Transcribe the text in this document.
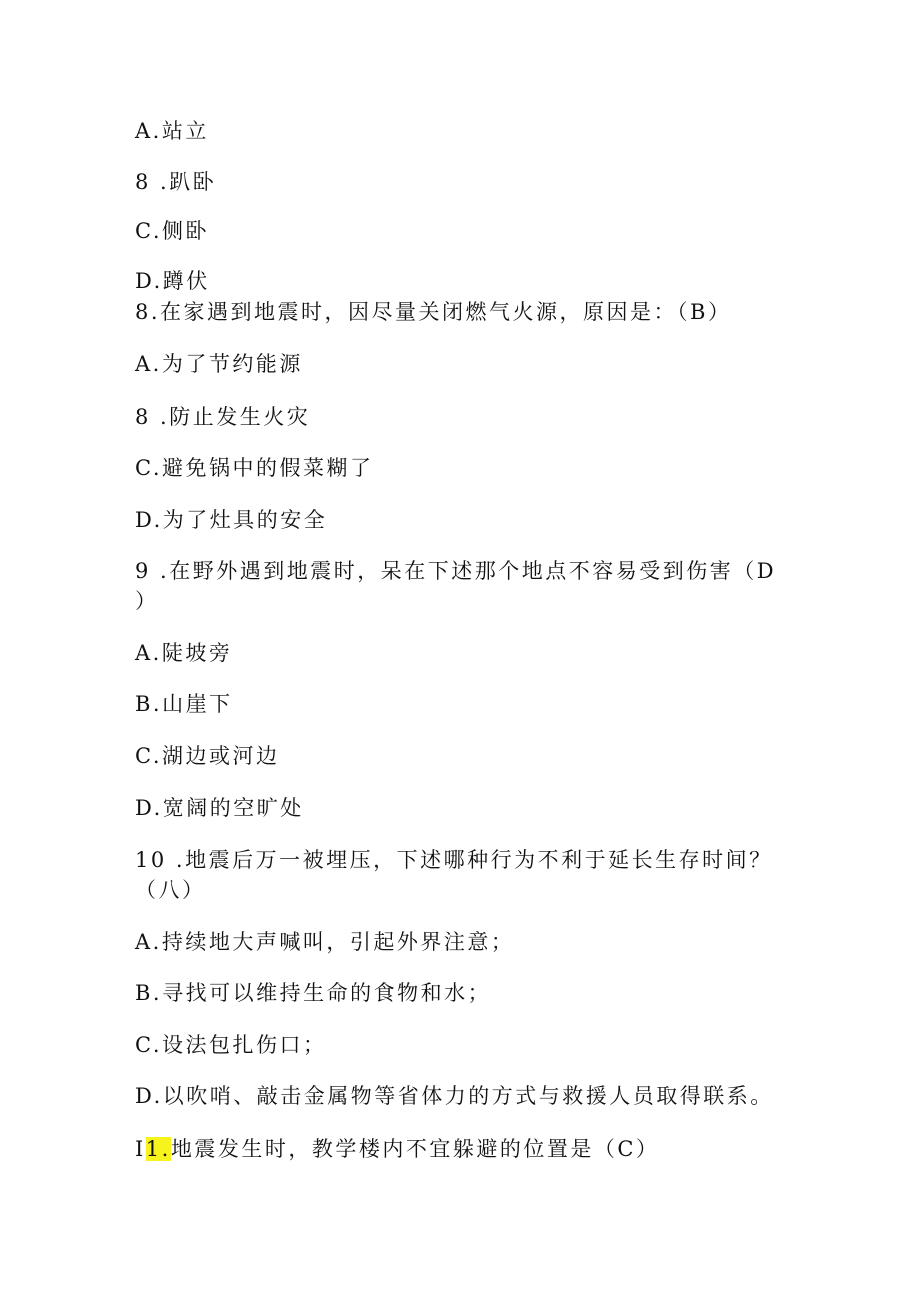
A.站立
8 .趴卧
C.侧卧
D.蹲伏
8.在家遇到地震时，因尽量关闭燃气火源，原因是：（B）
A.为了节约能源
8 .防止发生火灾
C.避免锅中的假菜糊了
D.为了灶具的安全
9 .在野外遇到地震时，呆在下述那个地点不容易受到伤害（D
）
A.陡坡旁
B.山崖下
C.湖边或河边
D.宽阔的空旷处
10 .地震后万一被埋压，下述哪种行为不利于延长生存时间？
（八）
A.持续地大声喊叫，引起外界注意；
B.寻找可以维持生命的食物和水；
C.设法包扎伤口；
D.以吹哨、敲击金属物等省体力的方式与救援人员取得联系。
I1.地震发生时，教学楼内不宜躲避的位置是（C）
